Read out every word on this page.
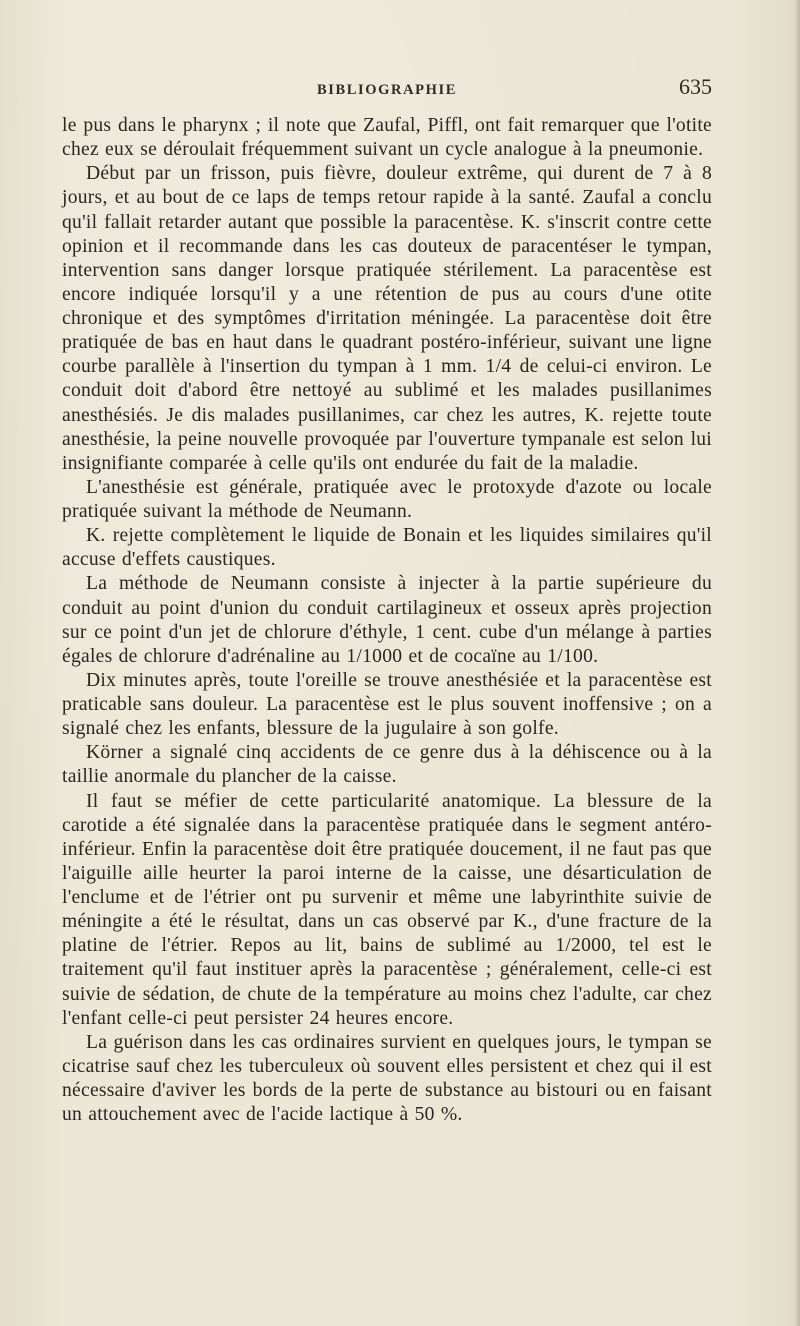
BIBLIOGRAPHIE	635

le pus dans le pharynx ; il note que Zaufal, Piffl, ont fait remarquer que l'otite chez eux se déroulait fréquemment suivant un cycle analogue à la pneumonie.

Début par un frisson, puis fièvre, douleur extrême, qui durent de 7 à 8 jours, et au bout de ce laps de temps retour rapide à la santé. Zaufal a conclu qu'il fallait retarder autant que possible la paracentèse. K. s'inscrit contre cette opinion et il recommande dans les cas douteux de paracentéser le tympan, intervention sans danger lorsque pratiquée stérilement. La paracentèse est encore indiquée lorsqu'il y a une rétention de pus au cours d'une otite chronique et des symptômes d'irritation méningée. La paracentèse doit être pratiquée de bas en haut dans le quadrant postéro-inférieur, suivant une ligne courbe parallèle à l'insertion du tympan à 1 mm. 1/4 de celui-ci environ. Le conduit doit d'abord être nettoyé au sublimé et les malades pusillanimes anesthésiés. Je dis malades pusillanimes, car chez les autres, K. rejette toute anesthésie, la peine nouvelle provoquée par l'ouverture tympanale est selon lui insignifiante comparée à celle qu'ils ont endurée du fait de la maladie.

L'anesthésie est générale, pratiquée avec le protoxyde d'azote ou locale pratiquée suivant la méthode de Neumann.

K. rejette complètement le liquide de Bonain et les liquides similaires qu'il accuse d'effets caustiques.

La méthode de Neumann consiste à injecter à la partie supérieure du conduit au point d'union du conduit cartilagineux et osseux après projection sur ce point d'un jet de chlorure d'éthyle, 1 cent. cube d'un mélange à parties égales de chlorure d'adrénaline au 1/1000 et de cocaïne au 1/100.

Dix minutes après, toute l'oreille se trouve anesthésiée et la paracentèse est praticable sans douleur. La paracentèse est le plus souvent inoffensive ; on a signalé chez les enfants, blessure de la jugulaire à son golfe.

Körner a signalé cinq accidents de ce genre dus à la déhiscence ou à la taillie anormale du plancher de la caisse.

Il faut se méfier de cette particularité anatomique. La blessure de la carotide a été signalée dans la paracentèse pratiquée dans le segment antéro-inférieur. Enfin la paracentèse doit être pratiquée doucement, il ne faut pas que l'aiguille aille heurter la paroi interne de la caisse, une désarticulation de l'enclume et de l'étrier ont pu survenir et même une labyrinthite suivie de méningite a été le résultat, dans un cas observé par K., d'une fracture de la platine de l'étrier. Repos au lit, bains de sublimé au 1/2000, tel est le traitement qu'il faut instituer après la paracentèse ; généralement, celle-ci est suivie de sédation, de chute de la température au moins chez l'adulte, car chez l'enfant celle-ci peut persister 24 heures encore.

La guérison dans les cas ordinaires survient en quelques jours, le tympan se cicatrise sauf chez les tuberculeux où souvent elles persistent et chez qui il est nécessaire d'aviver les bords de la perte de substance au bistouri ou en faisant un attouchement avec de l'acide lactique à 50 %.
